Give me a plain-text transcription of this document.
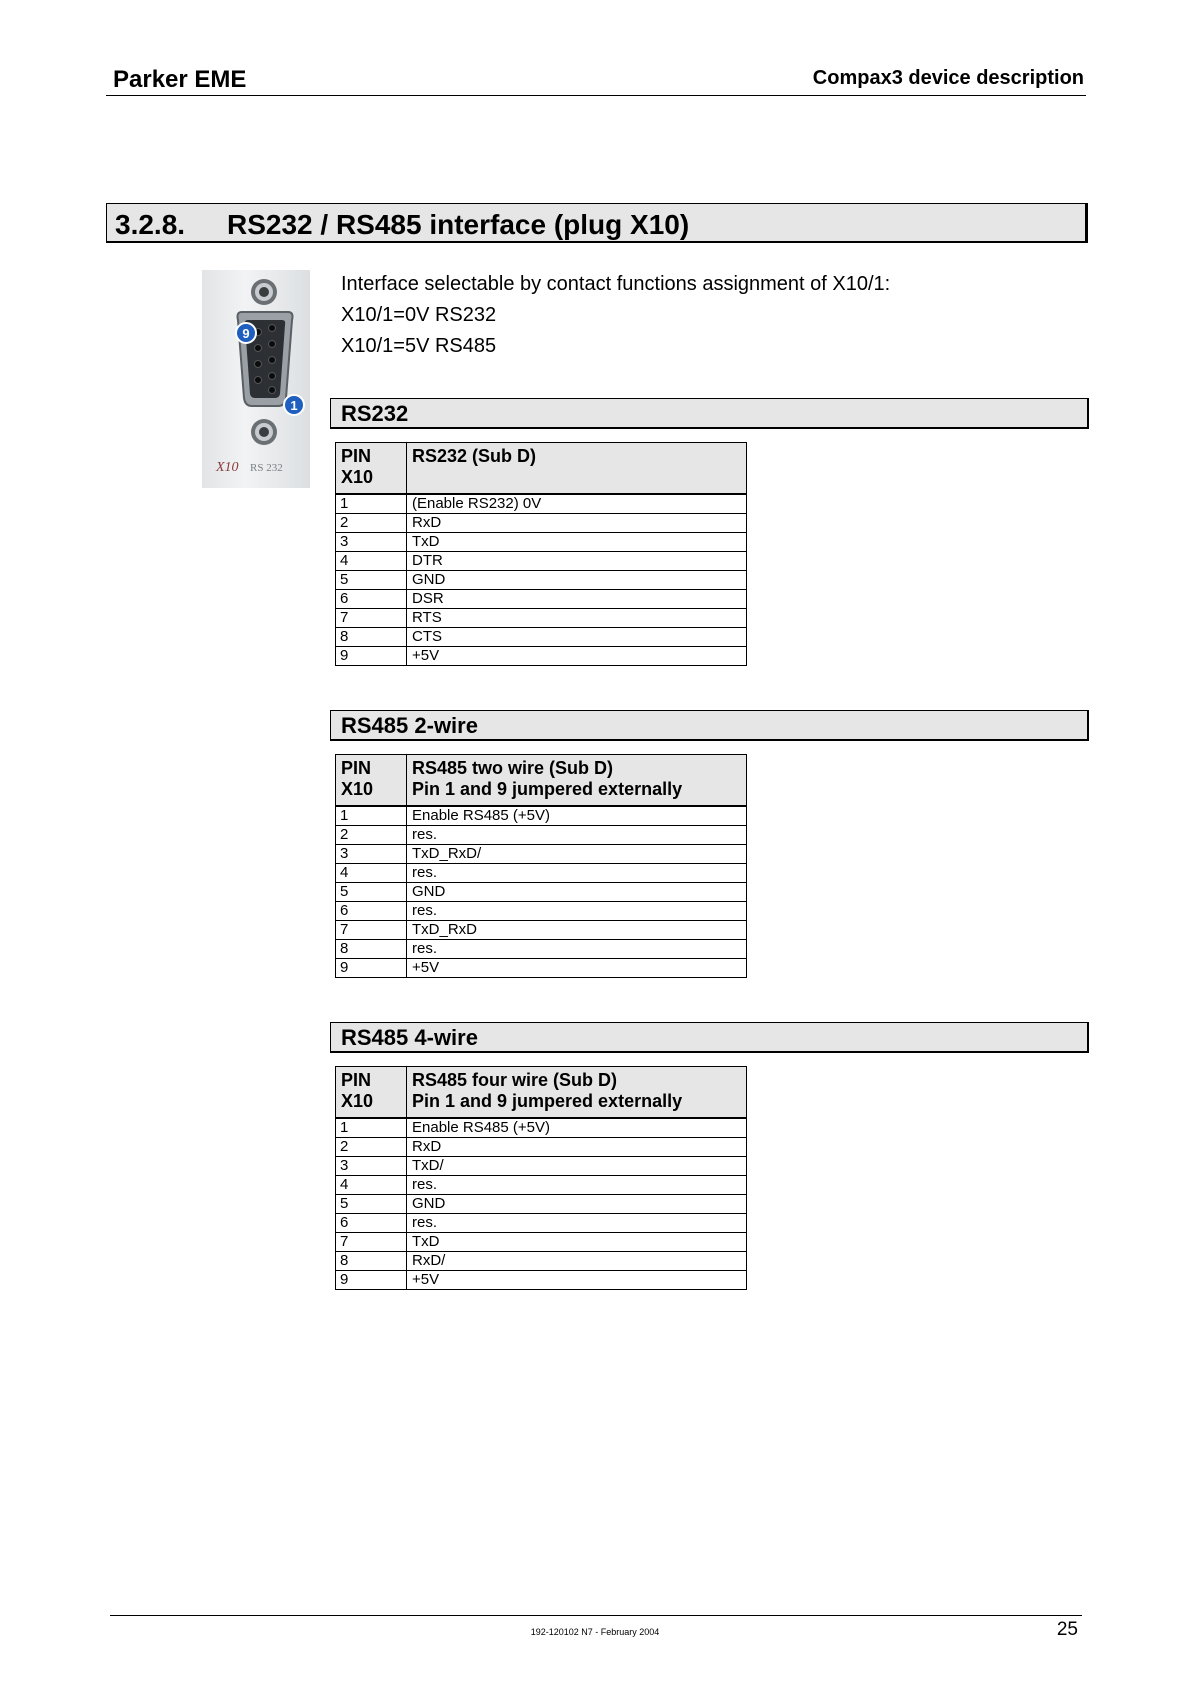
Parker EME	Compax3 device description
3.2.8. RS232 / RS485 interface (plug X10)
9
1
X10 RS 232
Interface selectable by contact functions assignment of X10/1:
X10/1=0V RS232
X10/1=5V RS485
RS232
PIN
X10	RS232 (Sub D)
1	(Enable RS232) 0V
2	RxD
3	TxD
4	DTR
5	GND
6	DSR
7	RTS
8	CTS
9	+5V
RS485 2-wire
PIN
X10	RS485 two wire (Sub D)
Pin 1 and 9 jumpered externally
1	Enable RS485 (+5V)
2	res.
3	TxD_RxD/
4	res.
5	GND
6	res.
7	TxD_RxD
8	res.
9	+5V
RS485 4-wire
PIN
X10	RS485 four wire (Sub D)
Pin 1 and 9 jumpered externally
1	Enable RS485 (+5V)
2	RxD
3	TxD/
4	res.
5	GND
6	res.
7	TxD
8	RxD/
9	+5V
192-120102 N7 - February 2004	25
